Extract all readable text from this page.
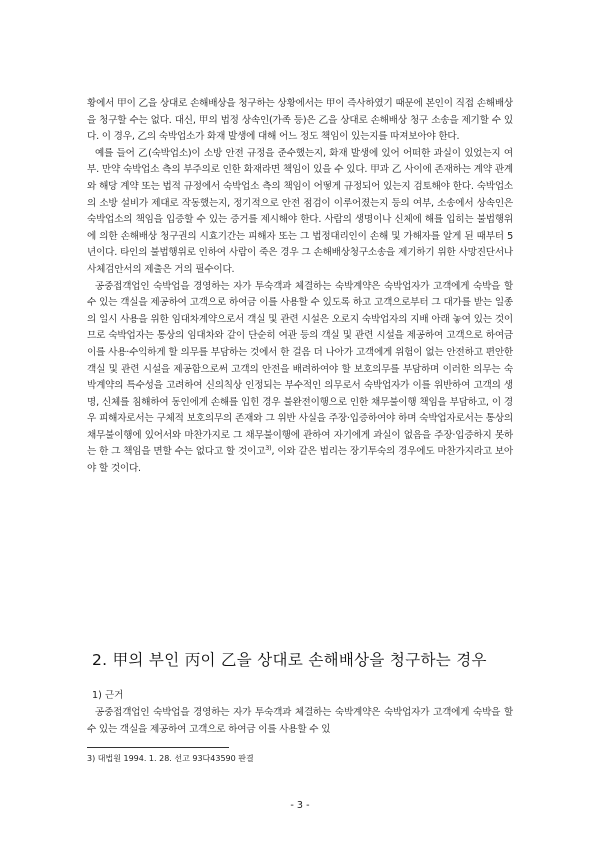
황에서 甲이 乙을 상대로 손해배상을 청구하는 상황에서는 甲이 즉사하였기 때문에 본인이 직접 손해배상을 청구할 수는 없다. 대신, 甲의 법정 상속인(가족 등)은 乙을 상대로 손해배상 청구 소송을 제기할 수 있다. 이 경우, 乙의 숙박업소가 화재 발생에 대해 어느 정도 책임이 있는지를 따져보아야 한다.

예를 들어 乙(숙박업소)이 소방 안전 규정을 준수했는지, 화재 발생에 있어 어떠한 과실이 있었는지 여부. 만약 숙박업소 측의 부주의로 인한 화재라면 책임이 있을 수 있다. 甲과 乙 사이에 존재하는 계약 관계와 해당 계약 또는 법적 규정에서 숙박업소 측의 책임이 어떻게 규정되어 있는지 검토해야 한다. 숙박업소의 소방 설비가 제대로 작동했는지, 정기적으로 안전 점검이 이루어졌는지 등의 여부, 소송에서 상속인은 숙박업소의 책임을 입증할 수 있는 증거를 제시해야 한다. 사람의 생명이나 신체에 해를 입히는 불법행위에 의한 손해배상 청구권의 시효기간는 피해자 또는 그 법정대리인이 손해 및 가해자를 알게 된 때부터 5년이다. 타인의 불법행위로 인하여 사람이 죽은 경우 그 손해배상청구소송을 제기하기 위한 사망진단서나 사체검안서의 제출은 거의 필수이다.

공중접객업인 숙박업을 경영하는 자가 투숙객과 체결하는 숙박계약은 숙박업자가 고객에게 숙박을 할 수 있는 객실을 제공하여 고객으로 하여금 이를 사용할 수 있도록 하고 고객으로부터 그 대가를 받는 일종의 일시 사용을 위한 임대차계약으로서 객실 및 관련 시설은 오로지 숙박업자의 지배 아래 놓여 있는 것이므로 숙박업자는 통상의 임대차와 같이 단순히 여관 등의 객실 및 관련 시설을 제공하여 고객으로 하여금 이를 사용·수익하게 할 의무를 부담하는 것에서 한 걸음 더 나아가 고객에게 위험이 없는 안전하고 편안한 객실 및 관련 시설을 제공함으로써 고객의 안전을 배려하여야 할 보호의무를 부담하며 이러한 의무는 숙박계약의 특수성을 고려하여 신의칙상 인정되는 부수적인 의무로서 숙박업자가 이를 위반하여 고객의 생명, 신체를 침해하여 동인에게 손해를 입힌 경우 불완전이행으로 인한 채무불이행 책임을 부담하고, 이 경우 피해자로서는 구체적 보호의무의 존재와 그 위반 사실을 주장·입증하여야 하며 숙박업자로서는 통상의 채무불이행에 있어서와 마찬가지로 그 채무불이행에 관하여 자기에게 과실이 없음을 주장·입증하지 못하는 한 그 책임을 면할 수는 없다고 할 것이고$^{3)}$, 이와 같은 법리는 장기투숙의 경우에도 마찬가지라고 보아야 할 것이다.

2. 甲의 부인 丙이 乙을 상대로 손해배상을 청구하는 경우
1) 근거

공중접객업인 숙박업을 경영하는 자가 투숙객과 체결하는 숙박계약은 숙박업자가 고객에게 숙박을 할 수 있는 객실을 제공하여 고객으로 하여금 이를 사용할 수 있

3) 대법원 1994. 1. 28. 선고 93다43590 판결
- 3 -
